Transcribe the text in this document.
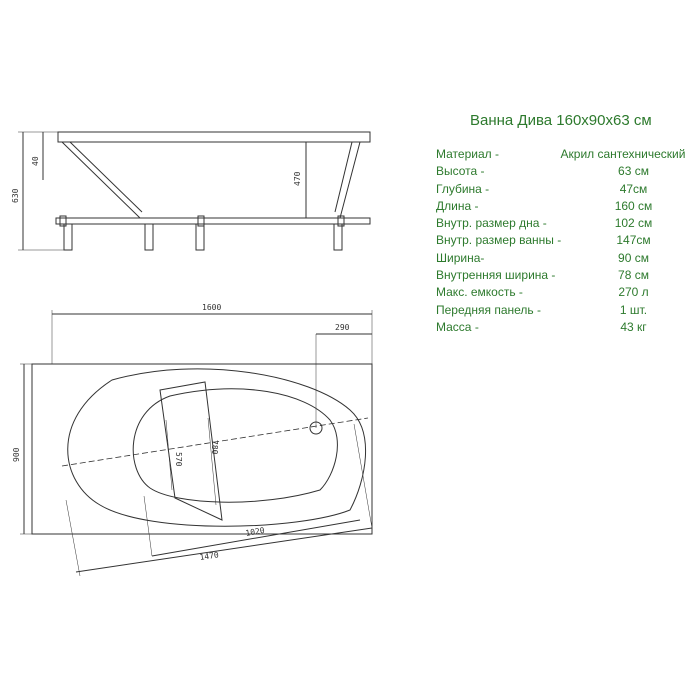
630
40
470
1600
290
900	570
780
1020
1470
Ванна Дива 160х90х63 см
Материал -	Акрил сантехнический
Высота -	63 см
Глубина -	47см
Длина -	160 см
Внутр. размер дна -	102 см
Внутр. размер ванны -	147см
Ширина-	90 см
Внутренняя ширина -	78 см
Макс. емкость -	270 л
Передняя панель -	1 шт.
Масса -	43 кг
